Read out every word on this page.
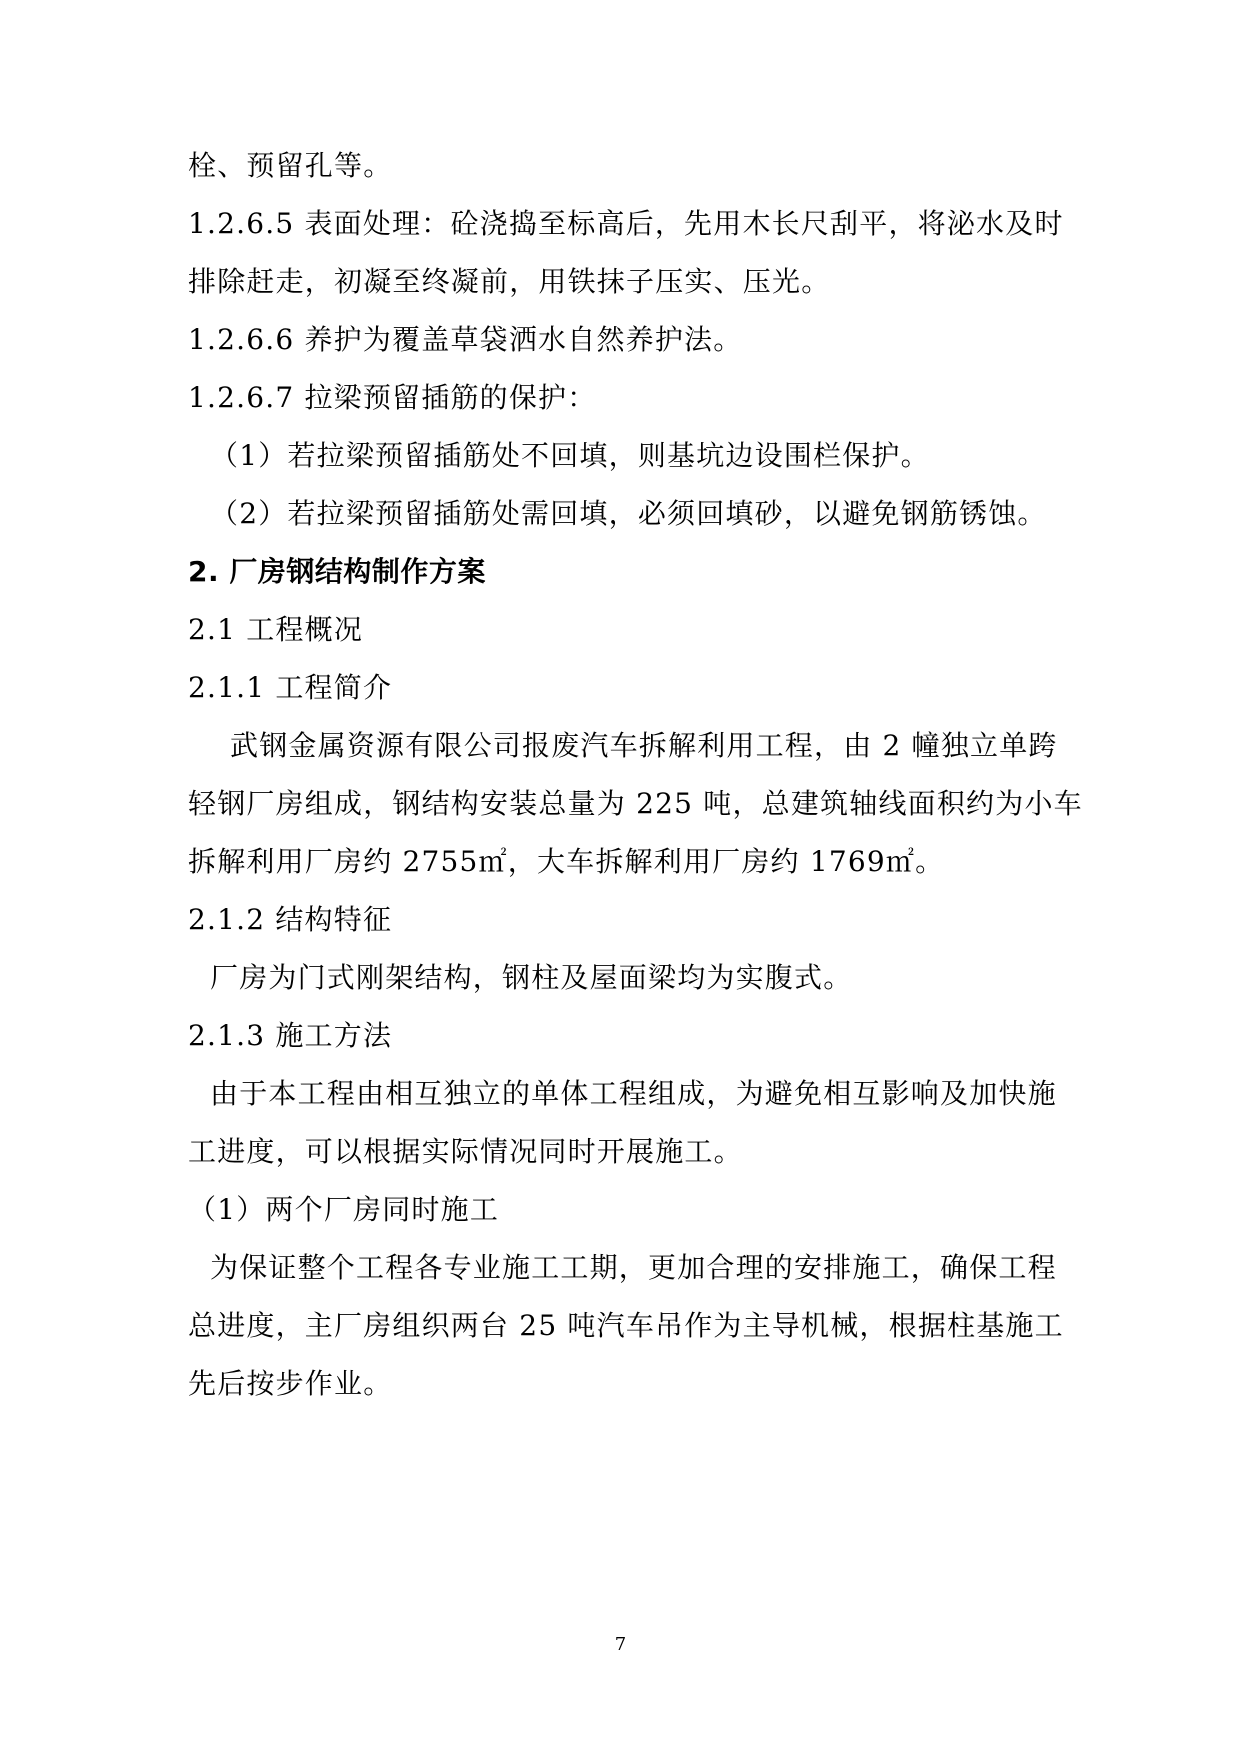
栓、预留孔等。
1.2.6.5 表面处理：砼浇捣至标高后，先用木长尺刮平，将泌水及时
排除赶走，初凝至终凝前，用铁抹子压实、压光。
1.2.6.6 养护为覆盖草袋洒水自然养护法。
1.2.6.7 拉梁预留插筋的保护：
（1）若拉梁预留插筋处不回填，则基坑边设围栏保护。
（2）若拉梁预留插筋处需回填，必须回填砂，以避免钢筋锈蚀。
2. 厂房钢结构制作方案
2.1 工程概况
2.1.1 工程简介
武钢金属资源有限公司报废汽车拆解利用工程，由 2 幢独立单跨
轻钢厂房组成，钢结构安装总量为 225 吨，总建筑轴线面积约为小车
拆解利用厂房约 2755㎡，大车拆解利用厂房约 1769㎡。
2.1.2 结构特征
厂房为门式刚架结构，钢柱及屋面梁均为实腹式。
2.1.3 施工方法
由于本工程由相互独立的单体工程组成，为避免相互影响及加快施
工进度，可以根据实际情况同时开展施工。
（1）两个厂房同时施工
为保证整个工程各专业施工工期，更加合理的安排施工，确保工程
总进度，主厂房组织两台 25 吨汽车吊作为主导机械，根据柱基施工
先后按步作业。
7
